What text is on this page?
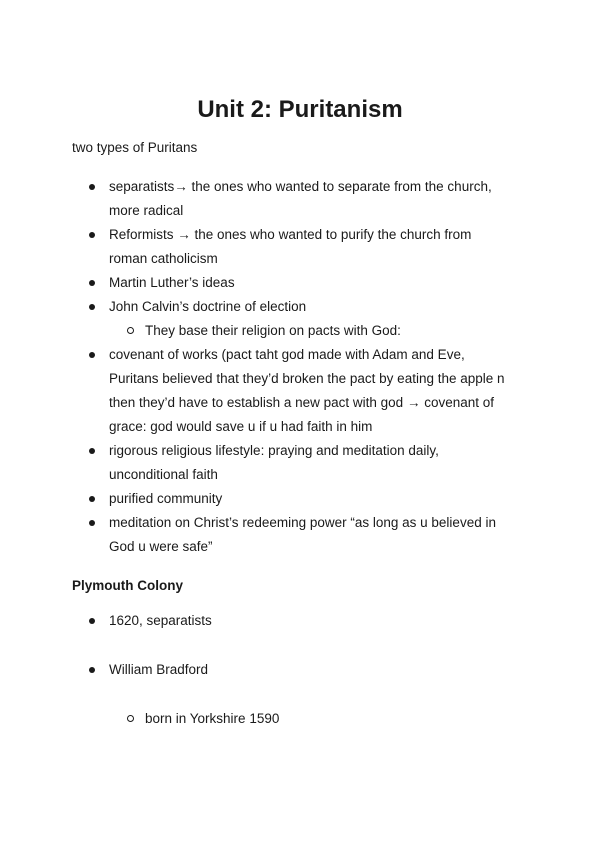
Unit 2: Puritanism

two types of Puritans

separatists→ the ones who wanted to separate from the church, more radical
Reformists → the ones who wanted to purify the church from roman catholicism
Martin Luther’s ideas
John Calvin’s doctrine of election
They base their religion on pacts with God:
covenant of works (pact taht god made with Adam and Eve, Puritans believed that they’d broken the pact by eating the apple n then they’d have to establish a new pact with god → covenant of grace: god would save u if u had faith in him
rigorous religious lifestyle: praying and meditation daily, unconditional faith
purified community
meditation on Christ’s redeeming power “as long as u believed in God u were safe”
Plymouth Colony
1620, separatists
William Bradford
born in Yorkshire 1590
